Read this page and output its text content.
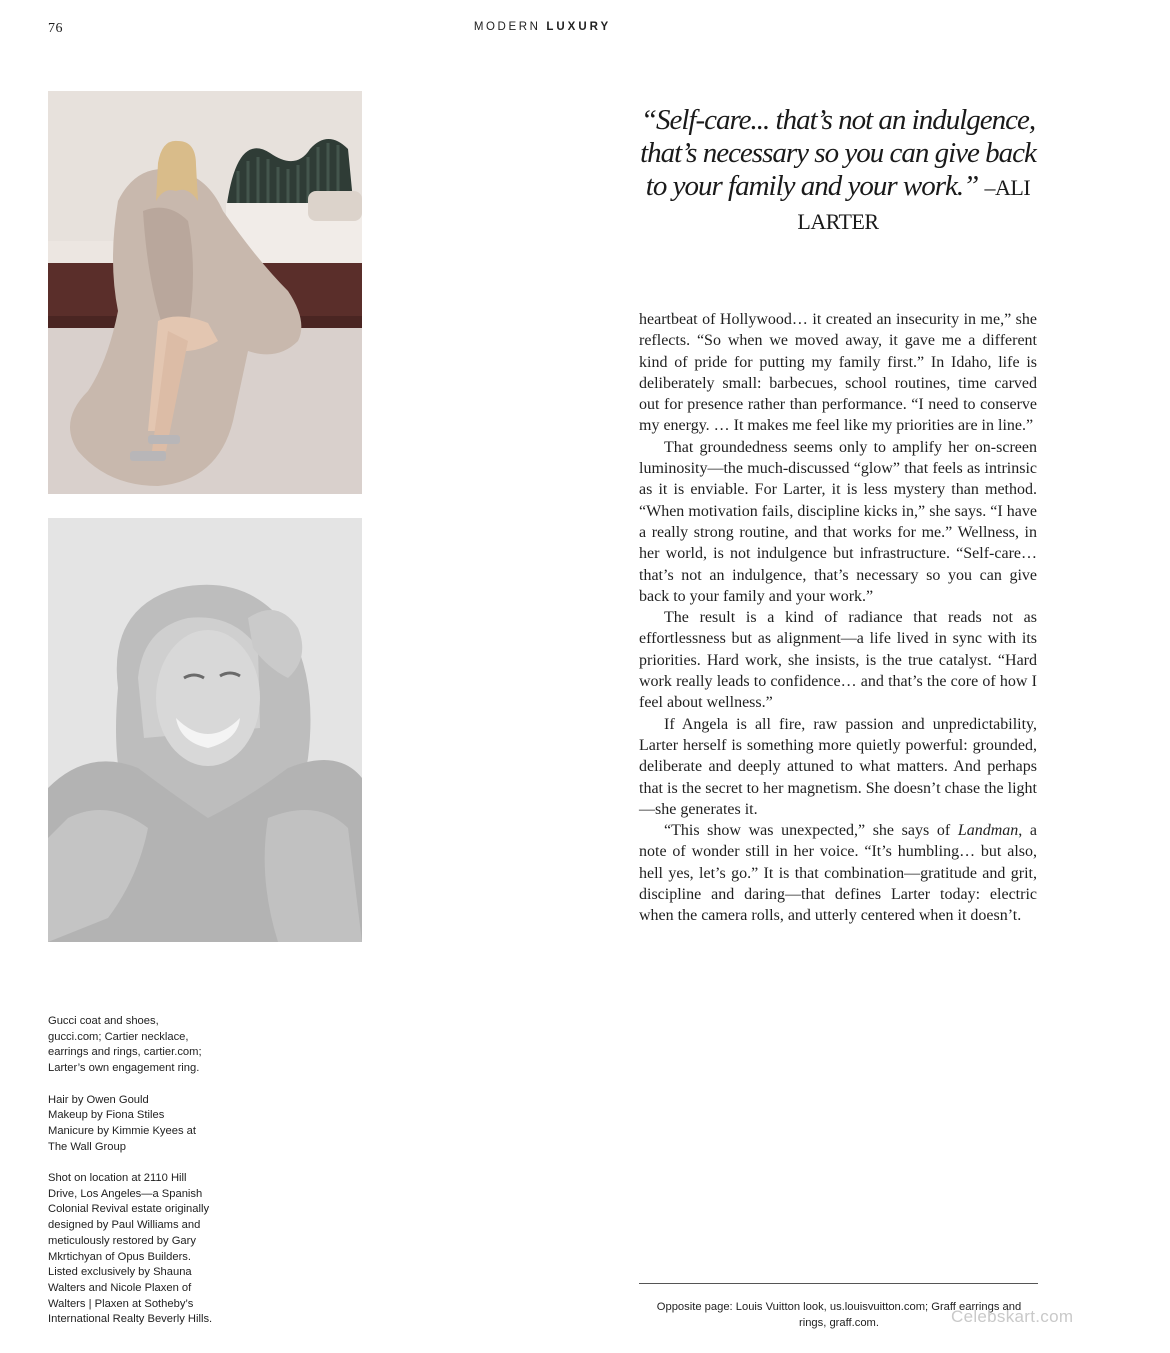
76	MODERN LUXURY

Gucci coat and shoes,
gucci.com; Cartier necklace,
earrings and rings, cartier.com;
Larter’s own engagement ring.

Hair by Owen Gould
Makeup by Fiona Stiles
Manicure by Kimmie Kyees at
The Wall Group

Shot on location at 2110 Hill
Drive, Los Angeles—a Spanish
Colonial Revival estate originally
designed by Paul Williams and
meticulously restored by Gary
Mkrtichyan of Opus Builders.
Listed exclusively by Shauna
Walters and Nicole Plaxen of
Walters | Plaxen at Sotheby’s
International Realty Beverly Hills.

“Self-care... that’s not an indulgence, that’s necessary so you can give back to your family and your work.” –ALI LARTER

heartbeat of Hollywood… it created an insecurity in me,” she reflects. “So when we moved away, it gave me a different kind of pride for putting my family first.” In Idaho, life is deliberately small: barbecues, school routines, time carved out for presence rather than performance. “I need to conserve my energy. … It makes me feel like my priorities are in line.”

That groundedness seems only to amplify her on-screen luminosity—the much-discussed “glow” that feels as intrinsic as it is enviable. For Larter, it is less mystery than method. “When motivation fails, discipline kicks in,” she says. “I have a really strong routine, and that works for me.” Wellness, in her world, is not indulgence but infrastructure. “Self-care… that’s not an indulgence, that’s necessary so you can give back to your family and your work.”

The result is a kind of radiance that reads not as effortlessness but as alignment—a life lived in sync with its priorities. Hard work, she insists, is the true catalyst. “Hard work really leads to confidence… and that’s the core of how I feel about wellness.”

If Angela is all fire, raw passion and unpredictability, Larter herself is something more quietly powerful: grounded, deliberate and deeply attuned to what matters. And perhaps that is the secret to her magnetism. She doesn’t chase the light—she generates it.

“This show was unexpected,” she says of Landman, a note of wonder still in her voice. “It’s humbling… but also, hell yes, let’s go.” It is that combination—gratitude and grit, discipline and daring—that defines Larter today: electric when the camera rolls, and utterly centered when it doesn’t.

Opposite page: Louis Vuitton look, us.louisvuitton.com; Graff earrings and
rings, graff.com.	Celebskart.com
